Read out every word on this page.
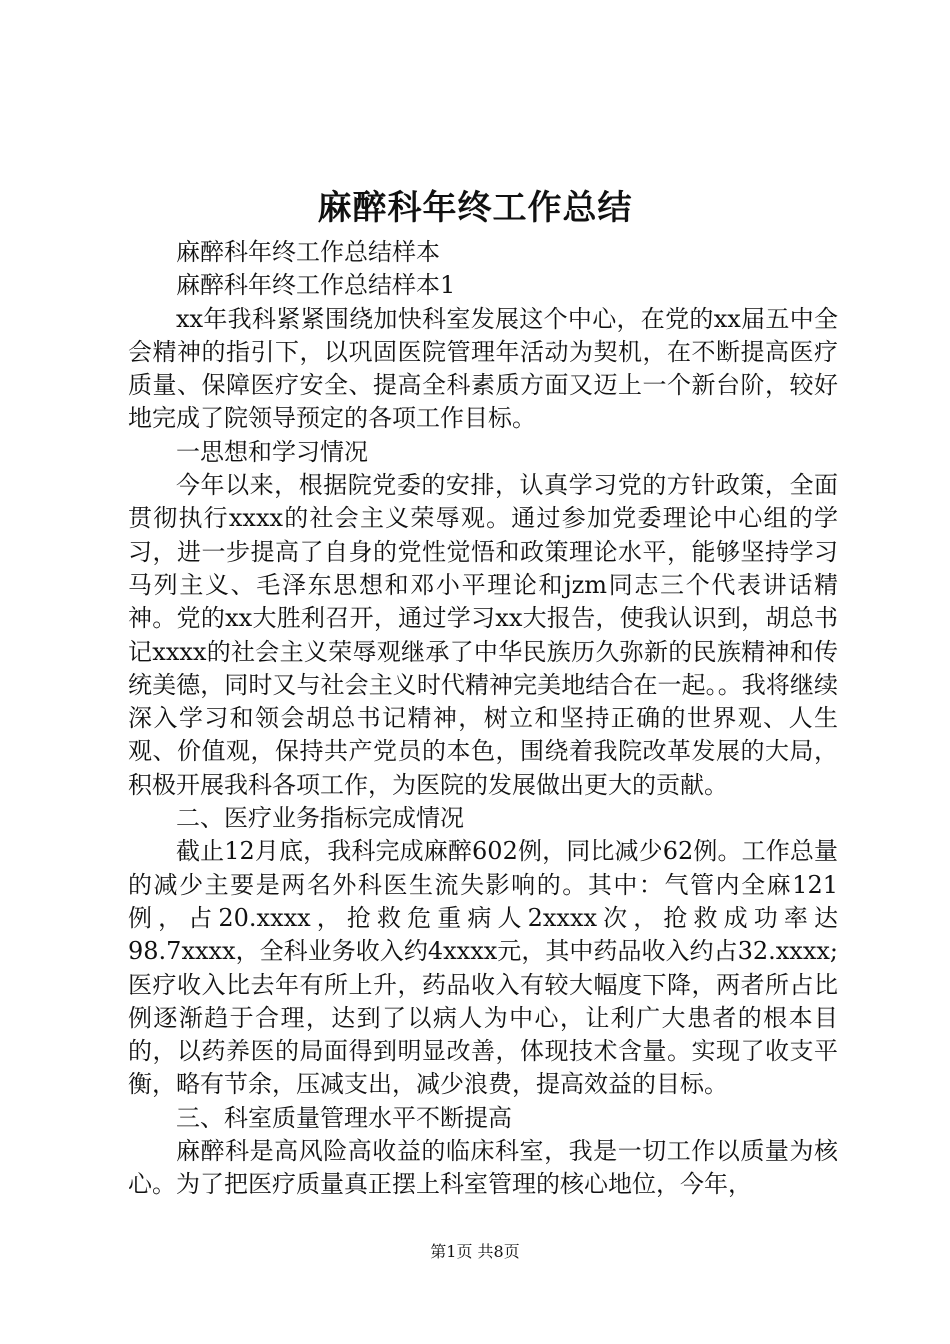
麻醉科年终工作总结

麻醉科年终工作总结样本

麻醉科年终工作总结样本1

xx年我科紧紧围绕加快科室发展这个中心，在党的xx届五中全会精神的指引下，以巩固医院管理年活动为契机，在不断提高医疗质量、保障医疗安全、提高全科素质方面又迈上一个新台阶，较好地完成了院领导预定的各项工作目标。

一思想和学习情况

今年以来，根据院党委的安排，认真学习党的方针政策，全面贯彻执行xxxx的社会主义荣辱观。通过参加党委理论中心组的学习，进一步提高了自身的党性觉悟和政策理论水平，能够坚持学习马列主义、毛泽东思想和邓小平理论和jzm同志三个代表讲话精神。党的xx大胜利召开，通过学习xx大报告，使我认识到，胡总书记xxxx的社会主义荣辱观继承了中华民族历久弥新的民族精神和传统美德，同时又与社会主义时代精神完美地结合在一起。。我将继续深入学习和领会胡总书记精神，树立和坚持正确的世界观、人生观、价值观，保持共产党员的本色，围绕着我院改革发展的大局，积极开展我科各项工作，为医院的发展做出更大的贡献。

二、医疗业务指标完成情况

截止12月底，我科完成麻醉602例，同比减少62例。工作总量的减少主要是两名外科医生流失影响的。其中：气管内全麻121例，占20.xxxx，抢救危重病人2xxxx次，抢救成功率达98.7xxxx，全科业务收入约4xxxx元，其中药品收入约占32.xxxx;医疗收入比去年有所上升，药品收入有较大幅度下降，两者所占比例逐渐趋于合理，达到了以病人为中心，让利广大患者的根本目的，以药养医的局面得到明显改善，体现技术含量。实现了收支平衡，略有节余，压减支出，减少浪费，提高效益的目标。

三、科室质量管理水平不断提高

麻醉科是高风险高收益的临床科室，我是一切工作以质量为核心。为了把医疗质量真正摆上科室管理的核心地位，今年，

第1页 共8页
